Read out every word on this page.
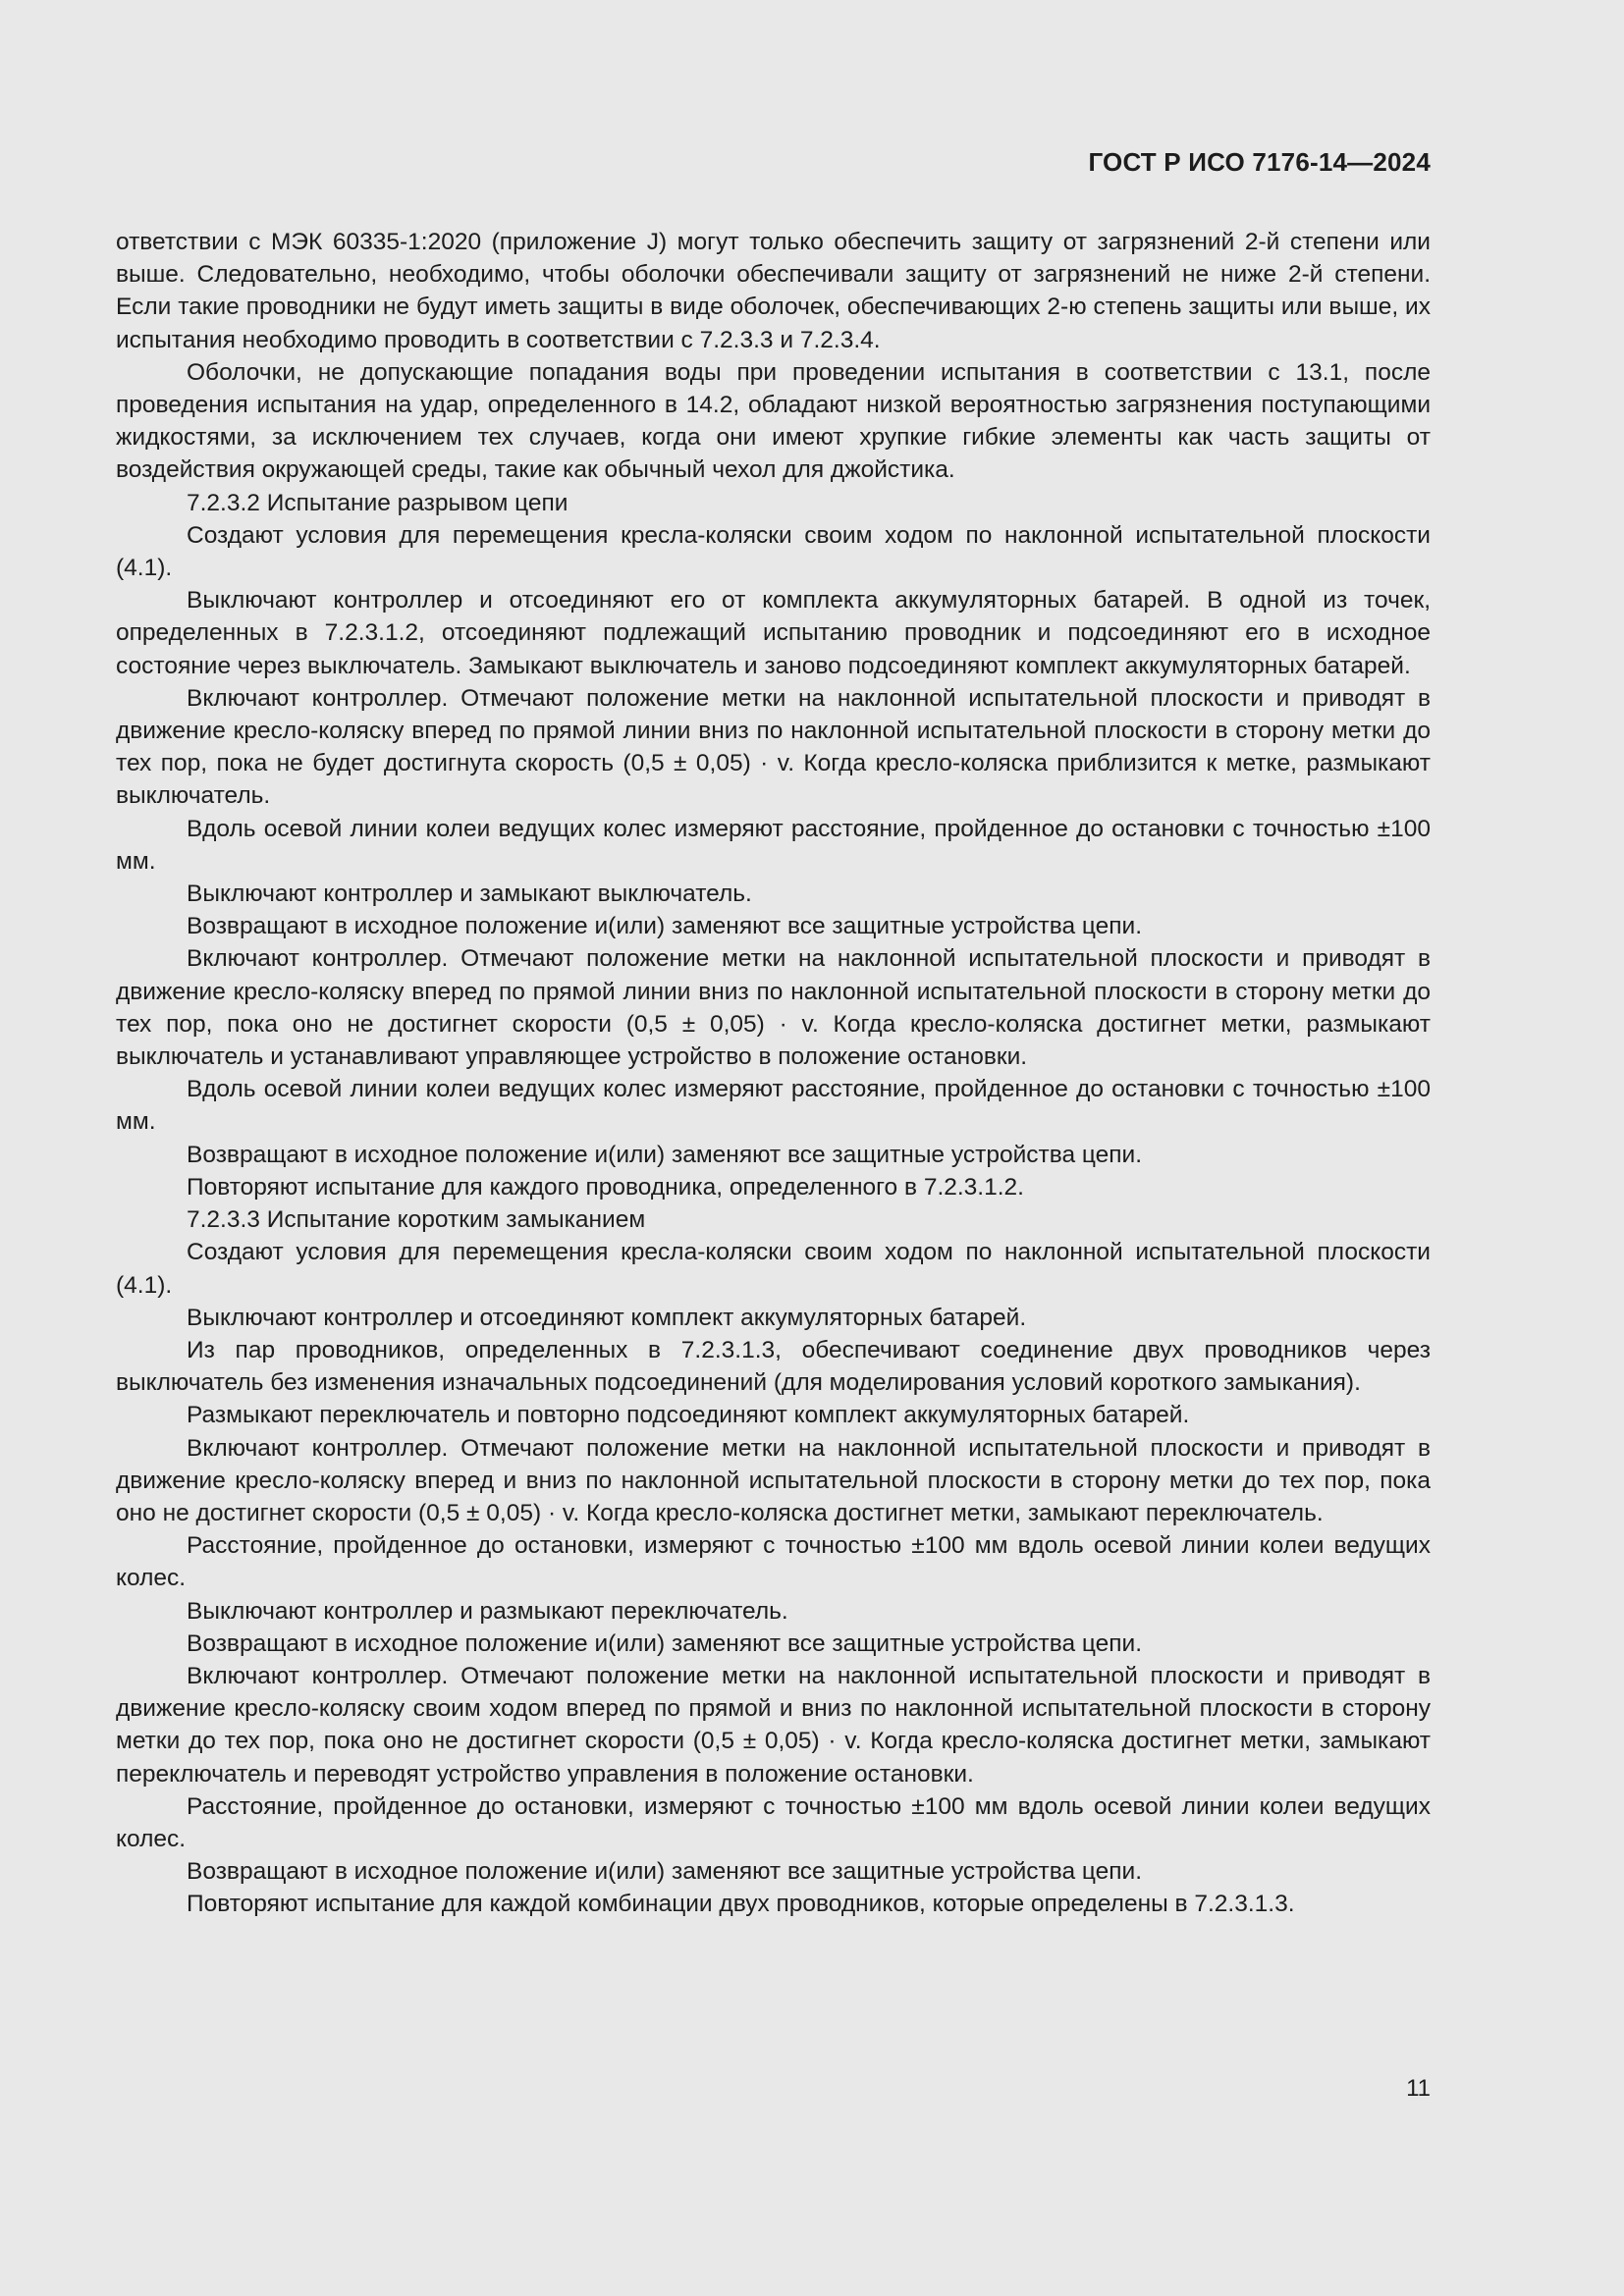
ГОСТ Р ИСО 7176-14—2024

ответствии с МЭК 60335-1:2020 (приложение J) могут только обеспечить защиту от загрязнений 2-й степени или выше. Следовательно, необходимо, чтобы оболочки обеспечивали защиту от загрязнений не ниже 2-й степени. Если такие проводники не будут иметь защиты в виде оболочек, обеспечивающих 2-ю степень защиты или выше, их испытания необходимо проводить в соответствии с 7.2.3.3 и 7.2.3.4.

Оболочки, не допускающие попадания воды при проведении испытания в соответствии с 13.1, после проведения испытания на удар, определенного в 14.2, обладают низкой вероятностью загрязнения поступающими жидкостями, за исключением тех случаев, когда они имеют хрупкие гибкие элементы как часть защиты от воздействия окружающей среды, такие как обычный чехол для джойстика.

7.2.3.2 Испытание разрывом цепи

Создают условия для перемещения кресла-коляски своим ходом по наклонной испытательной плоскости (4.1).

Выключают контроллер и отсоединяют его от комплекта аккумуляторных батарей. В одной из точек, определенных в 7.2.3.1.2, отсоединяют подлежащий испытанию проводник и подсоединяют его в исходное состояние через выключатель. Замыкают выключатель и заново подсоединяют комплект аккумуляторных батарей.

Включают контроллер. Отмечают положение метки на наклонной испытательной плоскости и приводят в движение кресло-коляску вперед по прямой линии вниз по наклонной испытательной плоскости в сторону метки до тех пор, пока не будет достигнута скорость (0,5 ± 0,05) · v. Когда кресло-коляска приблизится к метке, размыкают выключатель.

Вдоль осевой линии колеи ведущих колес измеряют расстояние, пройденное до остановки с точностью ±100 мм.

Выключают контроллер и замыкают выключатель.

Возвращают в исходное положение и(или) заменяют все защитные устройства цепи.

Включают контроллер. Отмечают положение метки на наклонной испытательной плоскости и приводят в движение кресло-коляску вперед по прямой линии вниз по наклонной испытательной плоскости в сторону метки до тех пор, пока оно не достигнет скорости (0,5 ± 0,05) · v. Когда кресло-коляска достигнет метки, размыкают выключатель и устанавливают управляющее устройство в положение остановки.

Вдоль осевой линии колеи ведущих колес измеряют расстояние, пройденное до остановки с точностью ±100 мм.

Возвращают в исходное положение и(или) заменяют все защитные устройства цепи.

Повторяют испытание для каждого проводника, определенного в 7.2.3.1.2.

7.2.3.3 Испытание коротким замыканием

Создают условия для перемещения кресла-коляски своим ходом по наклонной испытательной плоскости (4.1).

Выключают контроллер и отсоединяют комплект аккумуляторных батарей.

Из пар проводников, определенных в 7.2.3.1.3, обеспечивают соединение двух проводников через выключатель без изменения изначальных подсоединений (для моделирования условий короткого замыкания).

Размыкают переключатель и повторно подсоединяют комплект аккумуляторных батарей.

Включают контроллер. Отмечают положение метки на наклонной испытательной плоскости и приводят в движение кресло-коляску вперед и вниз по наклонной испытательной плоскости в сторону метки до тех пор, пока оно не достигнет скорости (0,5 ± 0,05) · v. Когда кресло-коляска достигнет метки, замыкают переключатель.

Расстояние, пройденное до остановки, измеряют с точностью ±100 мм вдоль осевой линии колеи ведущих колес.

Выключают контроллер и размыкают переключатель.

Возвращают в исходное положение и(или) заменяют все защитные устройства цепи.

Включают контроллер. Отмечают положение метки на наклонной испытательной плоскости и приводят в движение кресло-коляску своим ходом вперед по прямой и вниз по наклонной испытательной плоскости в сторону метки до тех пор, пока оно не достигнет скорости (0,5 ± 0,05) · v. Когда кресло-коляска достигнет метки, замыкают переключатель и переводят устройство управления в положение остановки.

Расстояние, пройденное до остановки, измеряют с точностью ±100 мм вдоль осевой линии колеи ведущих колес.

Возвращают в исходное положение и(или) заменяют все защитные устройства цепи.

Повторяют испытание для каждой комбинации двух проводников, которые определены в 7.2.3.1.3.

11
